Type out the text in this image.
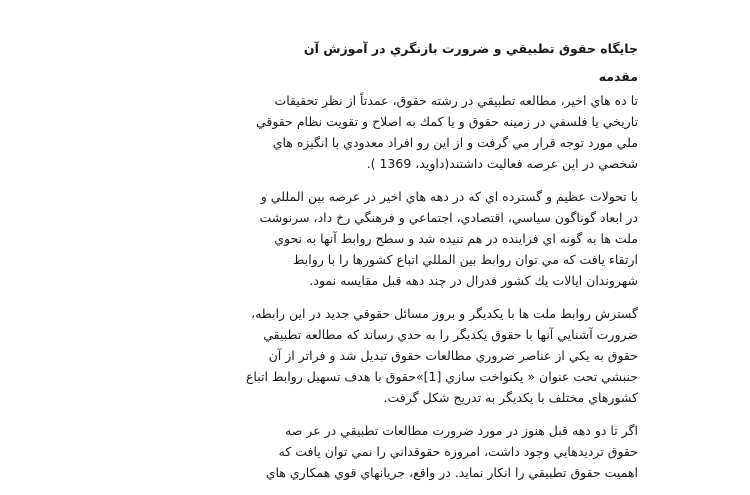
جايگاه حقوق تطبيقي و ضرورت بازنگري در آموزش آن
مقدمه
تا ده هاي اخير، مطالعه تطبيقي در رشته حقوق، عمدتاً از نظر تحقيقات
تاريخي يا فلسفي در زمينه حقوق و يا كمك به اصلاح و تقويت نظام حقوقي
ملي مورد توجه قرار مي گرفت و از اين رو افراد معدودي با انگيزه هاي
شخصي در اين عرصه فعاليت داشتند(داويد، 1369 ).
با تحولات عظيم و گسترده اي كه در دهه هاي اخير در عرصه بين المللي و
در ابعاد گوناگون سياسي، اقتصادي، اجتماعي و فرهنگي رخ داد، سرنوشت
ملت ها به گونه اي فزاينده در هم تنيده شد و سطح روابط آنها به نحوي
ارتقاء يافت كه مي توان روابط بين المللي اتباع كشورها را با روابط
شهروندان ايالات يك كشور فدرال در چند دهه قبل مقايسه نمود.
گسترش روابط ملت ها با يكديگر و بروز مسائل حقوقي جديد در اين رابطه،
ضرورت آشنايي آنها با حقوق يكديگر را به حدي رساند كه مطالعه تطبيقي
حقوق به يكي از عناصر ضروري مطالعات حقوق تبديل شد و فراتر از آن
جنبشي تحت عنوان « يكنواخت سازي [1]»حقوق با هدف تسهيل روابط اتباع
كشورهاي مختلف با يكديگر به تدريج شكل گرفت.
اگر تا دو دهه قبل هنوز در مورد ضرورت مطالعات تطبيقي در عر صه
حقوق ترديدهايي وجود داشت، امروزه حقوقداني را نمي توان يافت كه
اهميت حقوق تطبيقي را انكار نمايد. در واقع، جريانهاي قوي همكاري هاي
